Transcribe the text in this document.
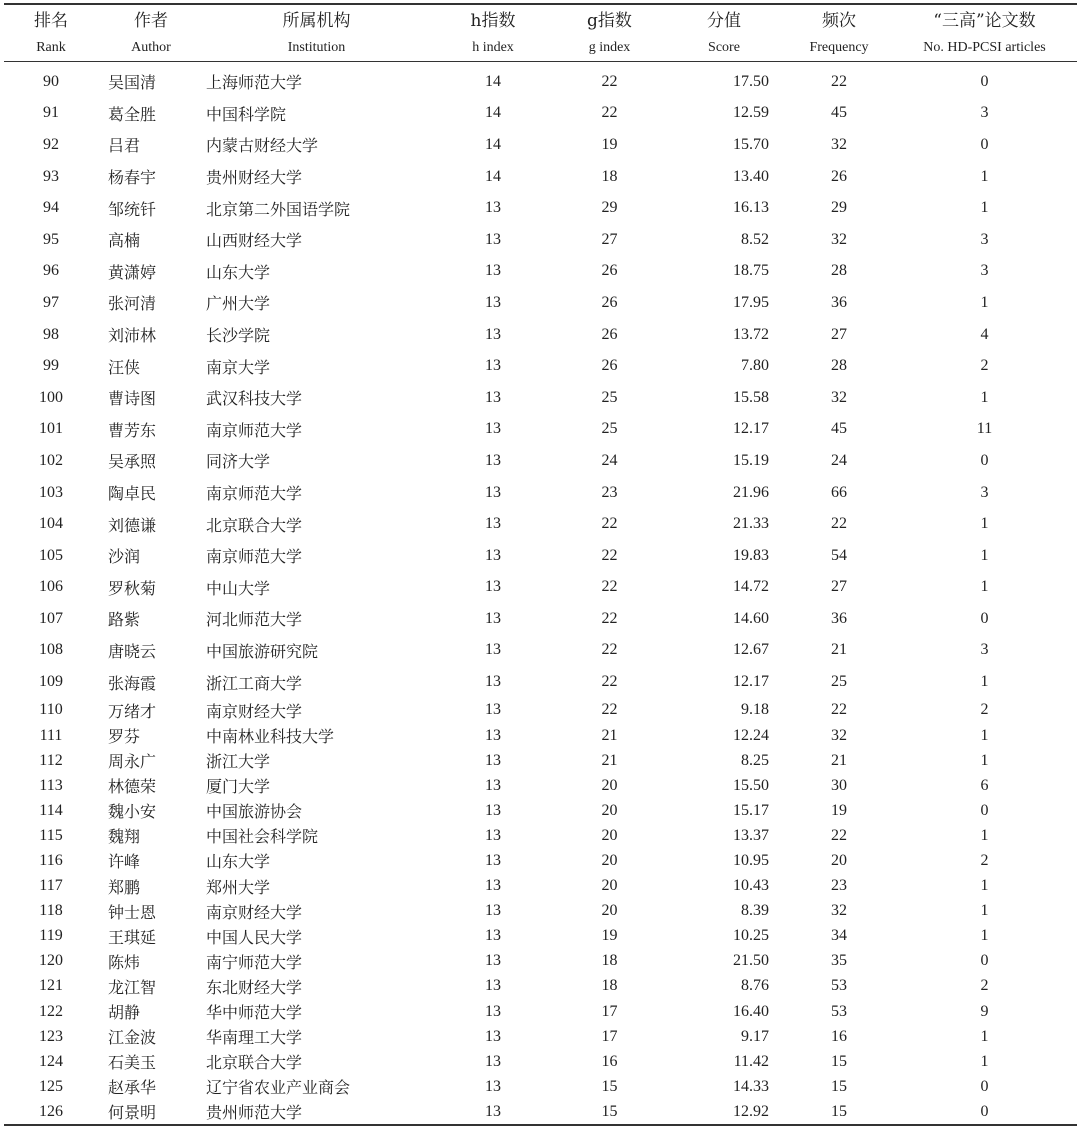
排名	作者	所属机构	h指数	g指数	分值	频次	“三高”论文数
Rank	Author	Institution	h index	g index	Score	Frequency	No. HD-PCSI articles
90	吴国清	上海师范大学	14	22	17.50	22	0
91	葛全胜	中国科学院	14	22	12.59	45	3
92	吕君	内蒙古财经大学	14	19	15.70	32	0
93	杨春宇	贵州财经大学	14	18	13.40	26	1
94	邹统钎	北京第二外国语学院	13	29	16.13	29	1
95	高楠	山西财经大学	13	27	8.52	32	3
96	黄潇婷	山东大学	13	26	18.75	28	3
97	张河清	广州大学	13	26	17.95	36	1
98	刘沛林	长沙学院	13	26	13.72	27	4
99	汪侠	南京大学	13	26	7.80	28	2
100	曹诗图	武汉科技大学	13	25	15.58	32	1
101	曹芳东	南京师范大学	13	25	12.17	45	11
102	吴承照	同济大学	13	24	15.19	24	0
103	陶卓民	南京师范大学	13	23	21.96	66	3
104	刘德谦	北京联合大学	13	22	21.33	22	1
105	沙润	南京师范大学	13	22	19.83	54	1
106	罗秋菊	中山大学	13	22	14.72	27	1
107	路紫	河北师范大学	13	22	14.60	36	0
108	唐晓云	中国旅游研究院	13	22	12.67	21	3
109	张海霞	浙江工商大学	13	22	12.17	25	1
110	万绪才	南京财经大学	13	22	9.18	22	2
111	罗芬	中南林业科技大学	13	21	12.24	32	1
112	周永广	浙江大学	13	21	8.25	21	1
113	林德荣	厦门大学	13	20	15.50	30	6
114	魏小安	中国旅游协会	13	20	15.17	19	0
115	魏翔	中国社会科学院	13	20	13.37	22	1
116	许峰	山东大学	13	20	10.95	20	2
117	郑鹏	郑州大学	13	20	10.43	23	1
118	钟士恩	南京财经大学	13	20	8.39	32	1
119	王琪延	中国人民大学	13	19	10.25	34	1
120	陈炜	南宁师范大学	13	18	21.50	35	0
121	龙江智	东北财经大学	13	18	8.76	53	2
122	胡静	华中师范大学	13	17	16.40	53	9
123	江金波	华南理工大学	13	17	9.17	16	1
124	石美玉	北京联合大学	13	16	11.42	15	1
125	赵承华	辽宁省农业产业商会	13	15	14.33	15	0
126	何景明	贵州师范大学	13	15	12.92	15	0
